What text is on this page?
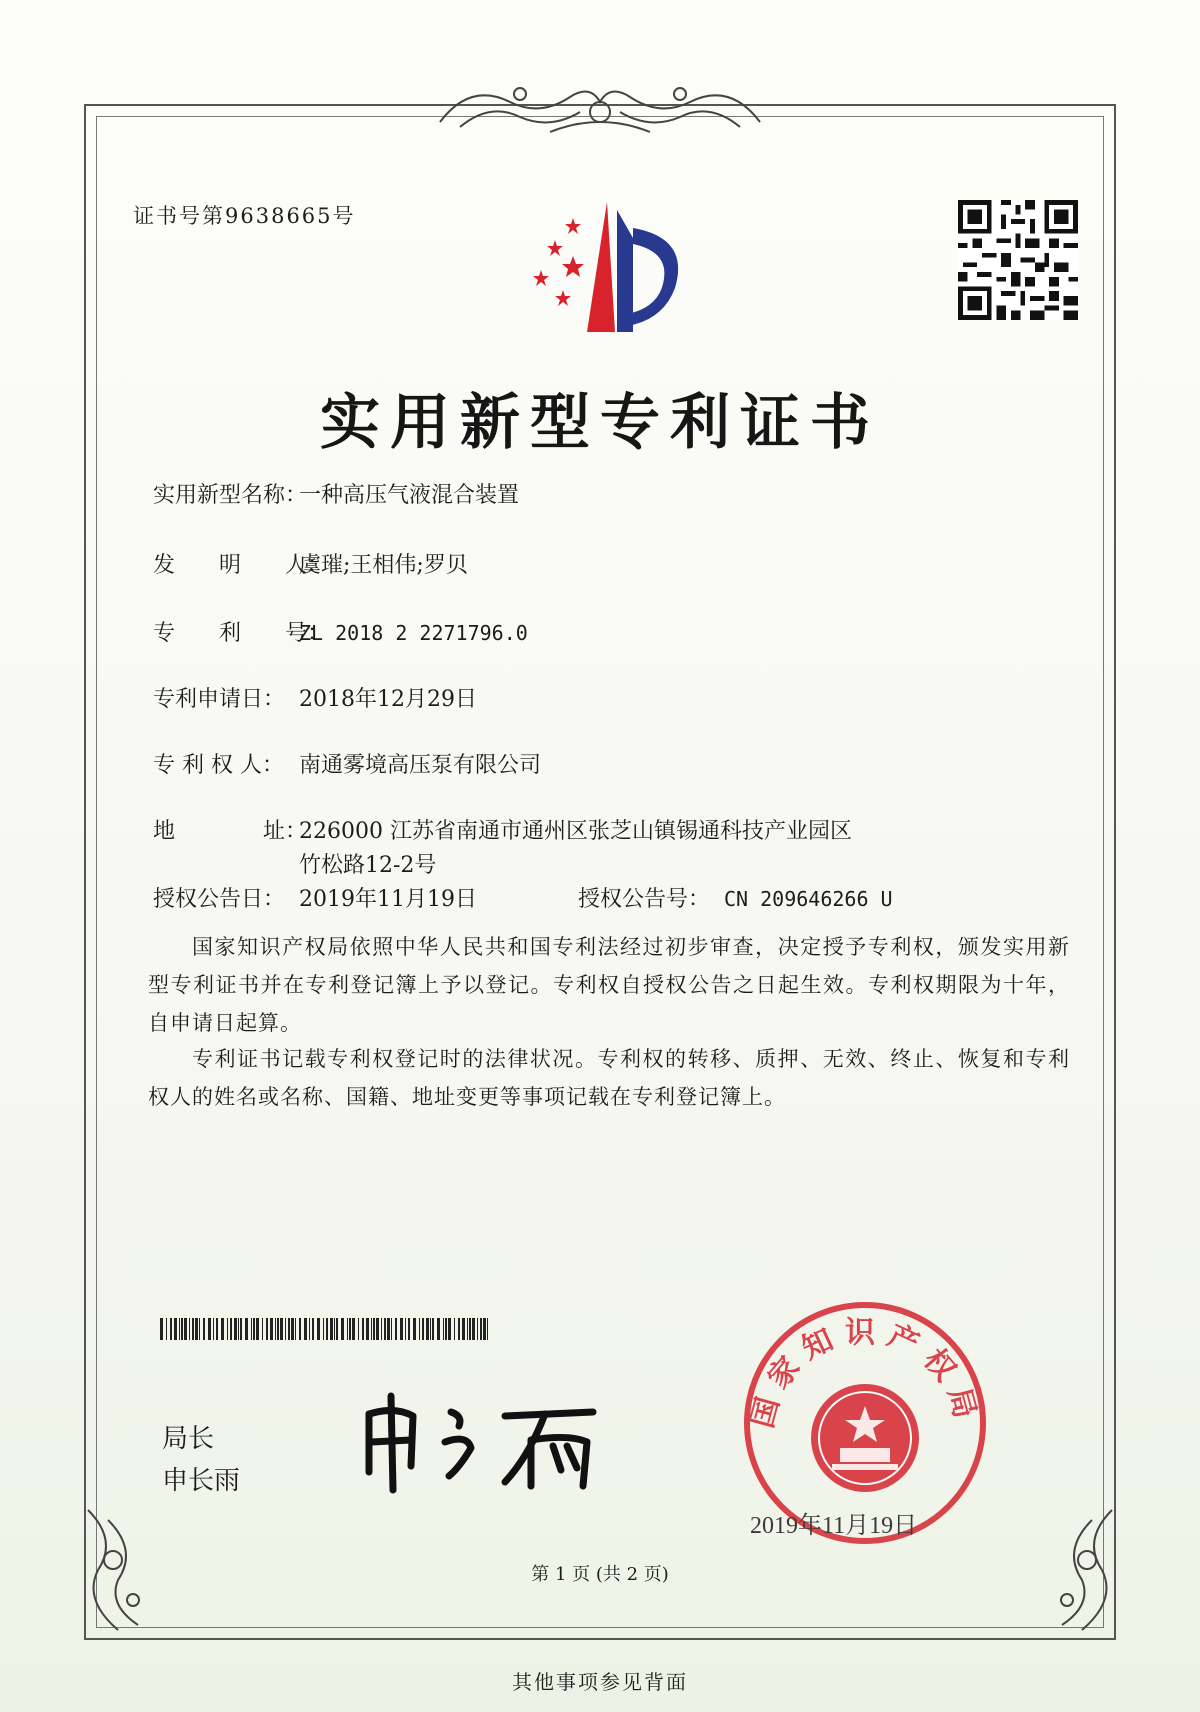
证书号第9638665号
实用新型专利证书
实用新型名称：一种高压气液混合装置
发　　明　　人：虞璀;王相伟;罗贝
专　　利　　号：ZL 2018 2 2271796.0
专利申请日： 2018年12月29日
专 利 权 人： 南通雾境高压泵有限公司
地　　　　址：226000 江苏省南通市通州区张芝山镇锡通科技产业园区
竹松路12-2号
授权公告日： 2019年11月19日	授权公告号： CN 209646266 U
国家知识产权局依照中华人民共和国专利法经过初步审查，决定授予专利权，颁发实用新型专利证书并在专利登记簿上予以登记。专利权自授权公告之日起生效。专利权期限为十年，自申请日起算。
专利证书记载专利权登记时的法律状况。专利权的转移、质押、无效、终止、恢复和专利权人的姓名或名称、国籍、地址变更等事项记载在专利登记簿上。
局长
申长雨
国家知识产权局
2019年11月19日
第 1 页 (共 2 页)
其他事项参见背面
